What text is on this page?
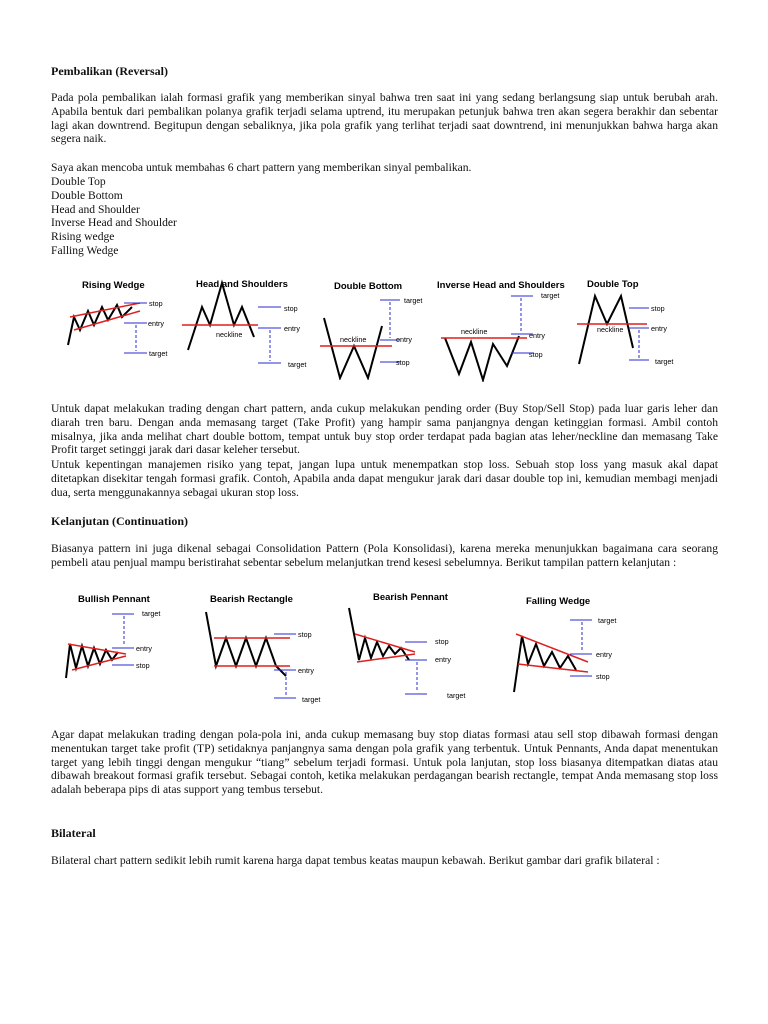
Pembalikan (Reversal)

Pada pola pembalikan ialah formasi grafik yang memberikan sinyal bahwa tren saat ini yang sedang berlangsung siap untuk berubah arah. Apabila bentuk dari pembalikan polanya grafik terjadi selama uptrend, itu merupakan petunjuk bahwa tren akan segera berakhir dan sebentar lagi akan downtrend. Begitupun dengan sebaliknya, jika pola grafik yang terlihat terjadi saat downtrend, ini menunjukkan bahwa harga akan segera naik.

Saya akan mencoba untuk membahas 6 chart pattern yang memberikan sinyal pembalikan.

Double Top
Double Bottom
Head and Shoulder
Inverse Head and Shoulder
Rising wedge
Falling Wedge

Untuk dapat melakukan trading dengan chart pattern, anda cukup melakukan pending order (Buy Stop/Sell Stop) pada luar garis leher dan diarah tren baru. Dengan anda memasang target (Take Profit) yang hampir sama panjangnya dengan ketinggian formasi. Ambil contoh misalnya, jika anda melihat chart double bottom, tempat untuk buy stop order terdapat pada bagian atas leher/neckline dan memasang Take Profit target setinggi jarak dari dasar keleher tersebut.

Untuk kepentingan manajemen risiko yang tepat, jangan lupa untuk menempatkan stop loss. Sebuah stop loss yang masuk akal dapat ditetapkan disekitar tengah formasi grafik. Contoh, Apabila anda dapat mengukur jarak dari dasar double top ini, kemudian membagi menjadi dua, serta menggunakannya sebagai ukuran stop loss.

Kelanjutan (Continuation)

Biasanya pattern ini juga dikenal sebagai Consolidation Pattern (Pola Konsolidasi), karena mereka menunjukkan bagaimana cara seorang pembeli atau penjual mampu beristirahat sebentar sebelum melanjutkan trend kesesi sebelumnya. Berikut tampilan pattern kelanjutan :

Agar dapat melakukan trading dengan pola-pola ini, anda cukup memasang buy stop diatas formasi atau sell stop dibawah formasi dengan menentukan target take profit (TP) setidaknya panjangnya sama dengan pola grafik yang terbentuk. Untuk Pennants, Anda dapat menentukan target yang lebih tinggi dengan mengukur “tiang” sebelum terjadi formasi. Untuk pola lanjutan, stop loss biasanya ditempatkan diatas atau dibawah breakout formasi grafik tersebut. Sebagai contoh, ketika melakukan perdagangan bearish rectangle, tempat Anda memasang stop loss adalah beberapa pips di atas support yang tembus tersebut.

Bilateral

Bilateral chart pattern sedikit lebih rumit karena harga dapat tembus keatas maupun kebawah. Berikut gambar dari grafik bilateral :

Rising Wedge
stop
entry
target
Head and Shoulders
neckline
stop
entry
target
Double Bottom
neckline
target
entry
stop
Inverse Head and Shoulders
neckline
target
entry
stop
Double Top
neckline
stop
entry
target
Bullish Pennant
target
entry
stop
Bearish Rectangle
stop
entry
target
Bearish Pennant
stop
entry
target
Falling Wedge
target
entry
stop
